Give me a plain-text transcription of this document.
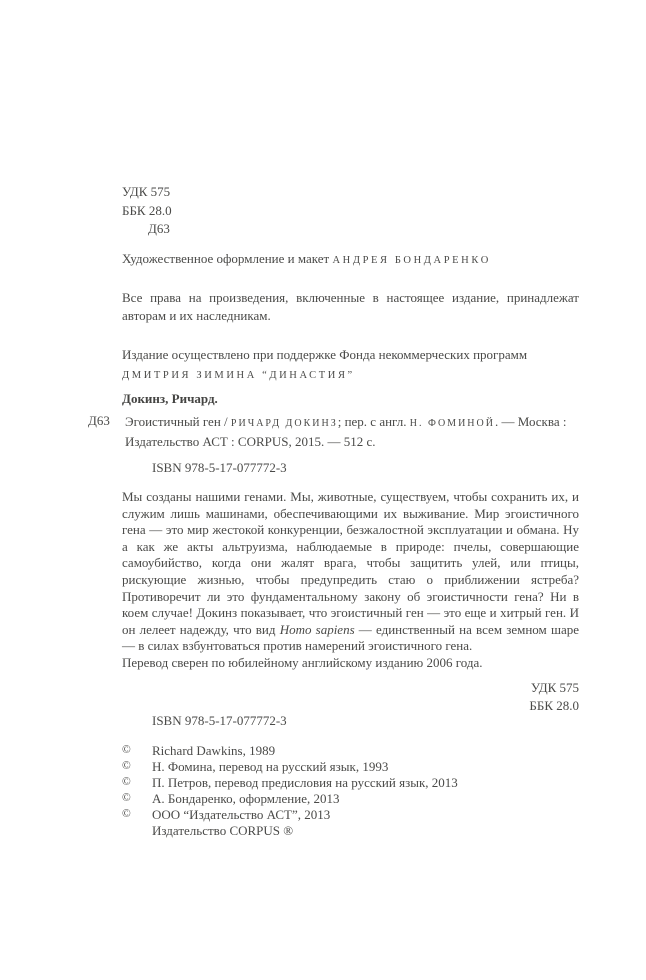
УДК 575
ББК 28.0
Д63
Художественное оформление и макет АНДРЕЯ БОНДАРЕНКО
Все права на произведения, включенные в настоящее издание, принадлежат авторам и их наследникам.
Издание осуществлено при поддержке Фонда некоммерческих программ
ДМИТРИЯ ЗИМИНА “ДИНАСТИЯ”
Докинз, Ричард.
Д63 Эгоистичный ген / РИЧАРД ДОКИНЗ; пер. с англ. Н. ФОМИНОЙ. — Москва :
Издательство АСТ : CORPUS, 2015. — 512 с.
ISBN 978-5-17-077772-3
Мы созданы нашими генами. Мы, животные, существуем, чтобы сохранить их, и служим лишь машинами, обеспечивающими их выживание. Мир эгоистичного гена — это мир жестокой конкуренции, безжалостной эксплуатации и обмана. Ну а как же акты альтруизма, наблюдаемые в природе: пчелы, совершающие самоубийство, когда они жалят врага, чтобы защитить улей, или птицы, рискующие жизнью, чтобы предупредить стаю о приближении ястреба? Противоречит ли это фундаментальному закону об эгоистичности гена? Ни в коем случае! Докинз показывает, что эгоистичный ген — это еще и хитрый ген. И он лелеет надежду, что вид Homo sapiens — единственный на всем земном шаре — в силах взбунтоваться против намерений эгоистичного гена.
Перевод сверен по юбилейному английскому изданию 2006 года.
УДК 575
ББК 28.0
ISBN 978-5-17-077772-3
©	Richard Dawkins, 1989
©	Н. Фомина, перевод на русский язык, 1993
©	П. Петров, перевод предисловия на русский язык, 2013
©	А. Бондаренко, оформление, 2013
©	ООО “Издательство АСТ”, 2013
Издательство CORPUS ®
